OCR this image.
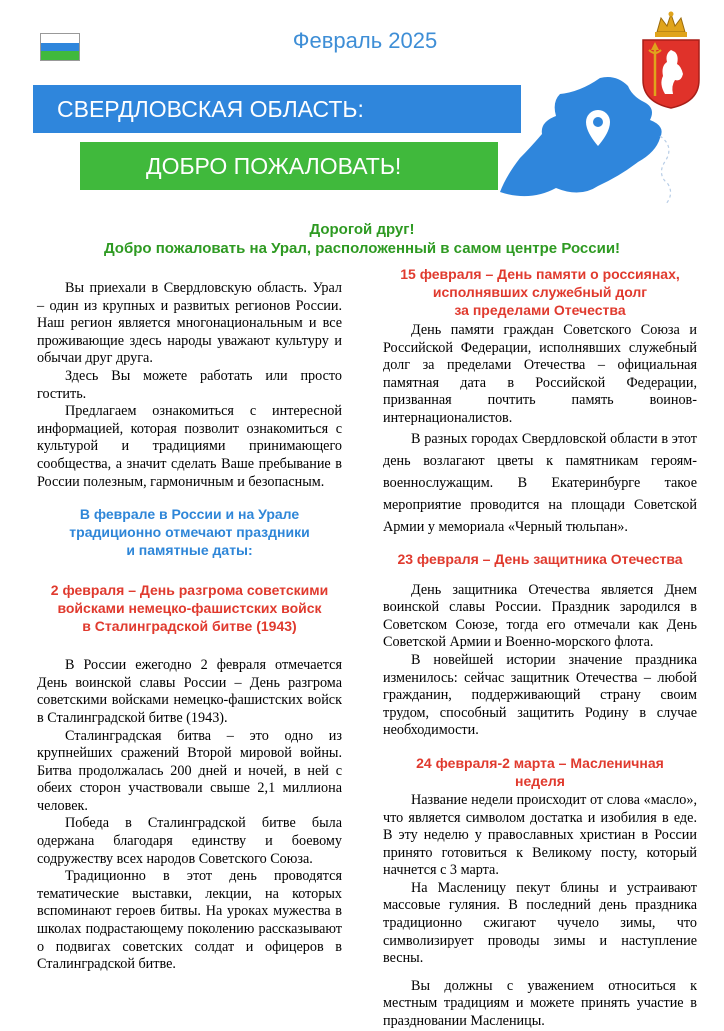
Февраль 2025
СВЕРДЛОВСКАЯ ОБЛАСТЬ:
ДОБРО ПОЖАЛОВАТЬ!
Дорогой друг!
Добро пожаловать на Урал, расположенный в самом центре России!

Вы приехали в Свердловскую область. Урал – один из крупных и развитых регионов России. Наш регион является многонациональным и все проживающие здесь народы уважают культуру и обычаи друг друга.

Здесь Вы можете работать или просто гостить.

Предлагаем ознакомиться с интересной информацией, которая позволит ознакомиться с культурой и традициями принимающего сообщества, а значит сделать Ваше пребывание в России полезным, гармоничным и безопасным.

В феврале в России и на Урале
традиционно отмечают праздники
и памятные даты:
2 февраля – День разгрома советскими
войсками немецко-фашистских войск
в Сталинградской битве (1943)

В России ежегодно 2 февраля отмечается День воинской славы России – День разгрома советскими войсками немецко-фашистских войск в Сталинградской битве (1943).

Сталинградская битва – это одно из крупнейших сражений Второй мировой войны. Битва продолжалась 200 дней и ночей, в ней с обеих сторон участвовали свыше 2,1 миллиона человек.

Победа в Сталинградской битве была одержана благодаря единству и боевому содружеству всех народов Советского Союза.

Традиционно в этот день проводятся тематические выставки, лекции, на которых вспоминают героев битвы. На уроках мужества в школах подрастающему поколению рассказывают о подвигах советских солдат и офицеров в Сталинградской битве.

15 февраля – День памяти о россиянах,
исполнявших служебный долг
за пределами Отечества

День памяти граждан Советского Союза и Российской Федерации, исполнявших служебный долг за пределами Отечества – официальная памятная дата в Российской Федерации, призванная почтить память воинов-интернационалистов.

В разных городах Свердловской области в этот день возлагают цветы к памятникам героям-военнослужащим. В Екатеринбурге такое мероприятие проводится на площади Советской Армии у мемориала «Черный тюльпан».

23 февраля – День защитника Отечества

День защитника Отечества является Днем воинской славы России. Праздник зародился в Советском Союзе, тогда его отмечали как День Советской Армии и Военно-морского флота.

В новейшей истории значение праздника изменилось: сейчас защитник Отечества – любой гражданин, поддерживающий страну своим трудом, способный защитить Родину в случае необходимости.

24 февраля-2 марта – Масленичная
неделя

Название недели происходит от слова «масло», что является символом достатка и изобилия в еде. В эту неделю у православных христиан в России принято готовиться к Великому посту, который начнется с 3 марта.

На Масленицу пекут блины и устраивают массовые гуляния. В последний день праздника традиционно сжигают чучело зимы, что символизирует проводы зимы и наступление весны.

Вы должны с уважением относиться к местным традициям и можете принять участие в праздновании Масленицы.
